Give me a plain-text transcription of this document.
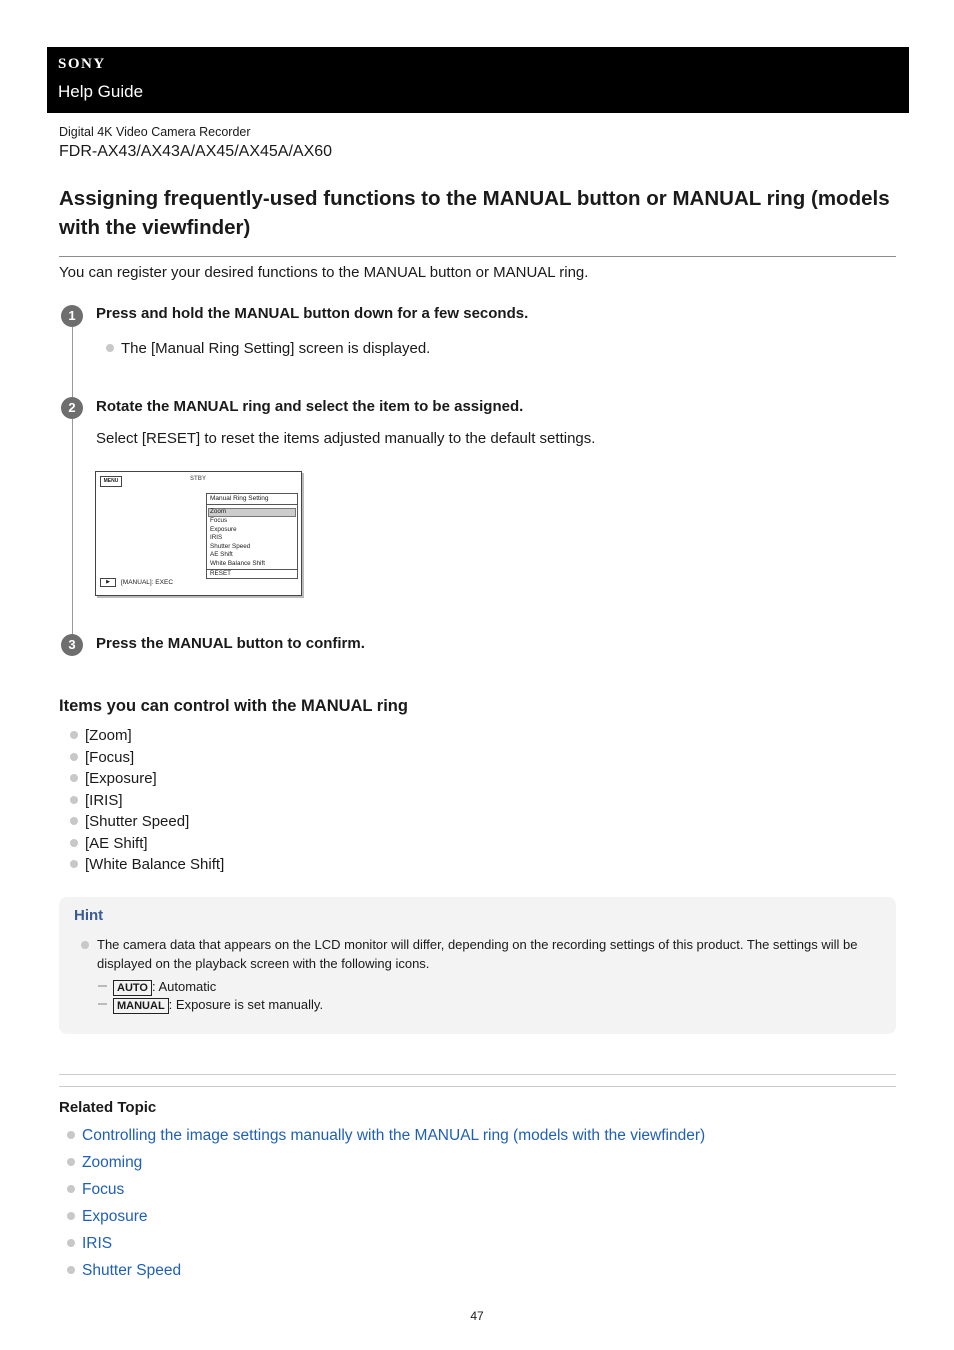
SONY
Help Guide
Digital 4K Video Camera Recorder
FDR-AX43/AX43A/AX45/AX45A/AX60
Assigning frequently-used functions to the MANUAL button or MANUAL ring (models with the viewfinder)

You can register your desired functions to the MANUAL button or MANUAL ring.

1	Press and hold the MANUAL button down for a few seconds.
The [Manual Ring Setting] screen is displayed.
2	Rotate the MANUAL ring and select the item to be assigned.
Select [RESET] to reset the items adjusted manually to the default settings.
MENU	STBY
Manual Ring Setting
Zoom
Focus
Exposure
IRIS
Shutter Speed
AE Shift
White Balance Shift
RESET
▶ [MANUAL]: EXEC
3	Press the MANUAL button to confirm.
Items you can control with the MANUAL ring
[Zoom]
[Focus]
[Exposure]
[IRIS]
[Shutter Speed]
[AE Shift]
[White Balance Shift]
Hint
The camera data that appears on the LCD monitor will differ, depending on the recording settings of this product. The settings will be displayed on the playback screen with the following icons.
AUTO : Automatic
MANUAL : Exposure is set manually.
Related Topic
Controlling the image settings manually with the MANUAL ring (models with the viewfinder)
Zooming
Focus
Exposure
IRIS
Shutter Speed
47
